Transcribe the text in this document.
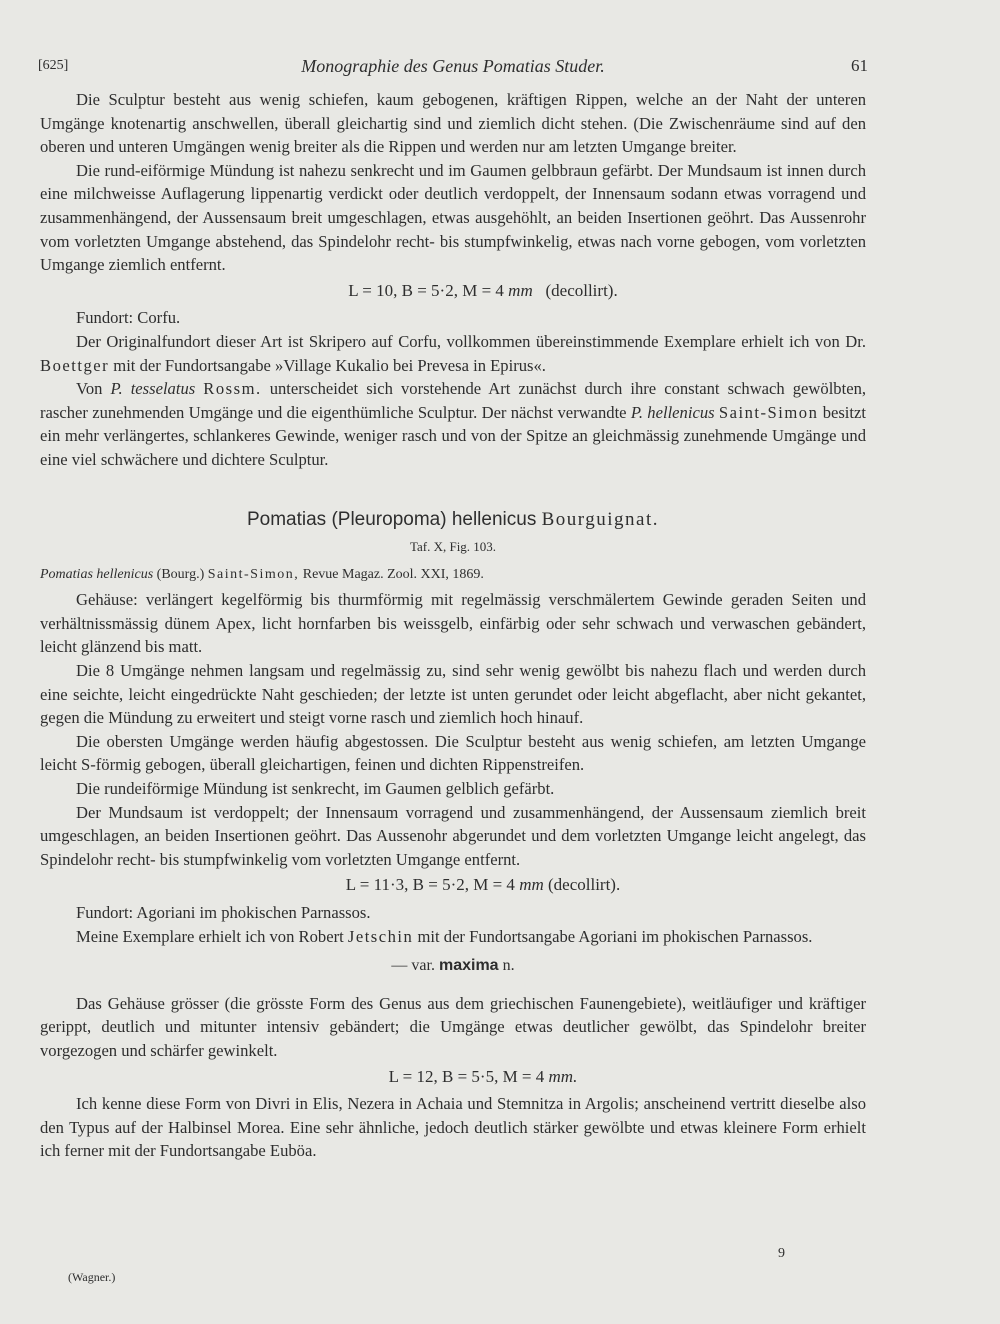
[625]	Monographie des Genus Pomatias Studer.	61

Die Sculptur besteht aus wenig schiefen, kaum gebogenen, kräftigen Rippen, welche an der Naht der unteren Umgänge knotenartig anschwellen, überall gleichartig sind und ziemlich dicht stehen. (Die Zwischenräume sind auf den oberen und unteren Umgängen wenig breiter als die Rippen und werden nur am letzten Umgange breiter.

Die rund-eiförmige Mündung ist nahezu senkrecht und im Gaumen gelbbraun gefärbt. Der Mundsaum ist innen durch eine milchweisse Auflagerung lippenartig verdickt oder deutlich verdoppelt, der Innensaum sodann etwas vorragend und zusammenhängend, der Aussensaum breit umgeschlagen, etwas ausgehöhlt, an beiden Insertionen geöhrt. Das Aussenrohr vom vorletzten Umgange abstehend, das Spindelohr recht- bis stumpfwinkelig, etwas nach vorne gebogen, vom vorletzten Umgange ziemlich entfernt.

L = 10, B = 5·2, M = 4 mm (decollirt).

Fundort: Corfu.

Der Originalfundort dieser Art ist Skripero auf Corfu, vollkommen übereinstimmende Exemplare erhielt ich von Dr. Boettger mit der Fundortsangabe »Village Kukalio bei Prevesa in Epirus«.

Von P. tesselatus Rossm. unterscheidet sich vorstehende Art zunächst durch ihre constant schwach gewölbten, rascher zunehmenden Umgänge und die eigenthümliche Sculptur. Der nächst verwandte P. hellenicus Saint-Simon besitzt ein mehr verlängertes, schlankeres Gewinde, weniger rasch und von der Spitze an gleichmässig zunehmende Umgänge und eine viel schwächere und dichtere Sculptur.

Pomatias (Pleuropoma) hellenicus Bourguignat.
Taf. X, Fig. 103.

Pomatias hellenicus (Bourg.) Saint-Simon, Revue Magaz. Zool. XXI, 1869.

Gehäuse: verlängert kegelförmig bis thurmförmig mit regelmässig verschmälertem Gewinde geraden Seiten und verhältnissmässig dünem Apex, licht hornfarben bis weissgelb, einfärbig oder sehr schwach und verwaschen gebändert, leicht glänzend bis matt.

Die 8 Umgänge nehmen langsam und regelmässig zu, sind sehr wenig gewölbt bis nahezu flach und werden durch eine seichte, leicht eingedrückte Naht geschieden; der letzte ist unten gerundet oder leicht abgeflacht, aber nicht gekantet, gegen die Mündung zu erweitert und steigt vorne rasch und ziemlich hoch hinauf.

Die obersten Umgänge werden häufig abgestossen. Die Sculptur besteht aus wenig schiefen, am letzten Umgange leicht S-förmig gebogen, überall gleichartigen, feinen und dichten Rippenstreifen.

Die rundeiförmige Mündung ist senkrecht, im Gaumen gelblich gefärbt.

Der Mundsaum ist verdoppelt; der Innensaum vorragend und zusammenhängend, der Aussensaum ziemlich breit umgeschlagen, an beiden Insertionen geöhrt. Das Aussenohr abgerundet und dem vorletzten Umgange leicht angelegt, das Spindelohr recht- bis stumpfwinkelig vom vorletzten Umgange entfernt.

L = 11·3, B = 5·2, M = 4 mm (decollirt).

Fundort: Agoriani im phokischen Parnassos.

Meine Exemplare erhielt ich von Robert Jetschin mit der Fundortsangabe Agoriani im phokischen Parnassos.

— var. maxima n.

Das Gehäuse grösser (die grösste Form des Genus aus dem griechischen Faunengebiete), weitläufiger und kräftiger gerippt, deutlich und mitunter intensiv gebändert; die Umgänge etwas deutlicher gewölbt, das Spindelohr breiter vorgezogen und schärfer gewinkelt.

L = 12, B = 5·5, M = 4 mm.

Ich kenne diese Form von Divri in Elis, Nezera in Achaia und Stemnitza in Argolis; anscheinend vertritt dieselbe also den Typus auf der Halbinsel Morea. Eine sehr ähnliche, jedoch deutlich stärker gewölbte und etwas kleinere Form erhielt ich ferner mit der Fundortsangabe Euböa.

9
(Wagner.)
